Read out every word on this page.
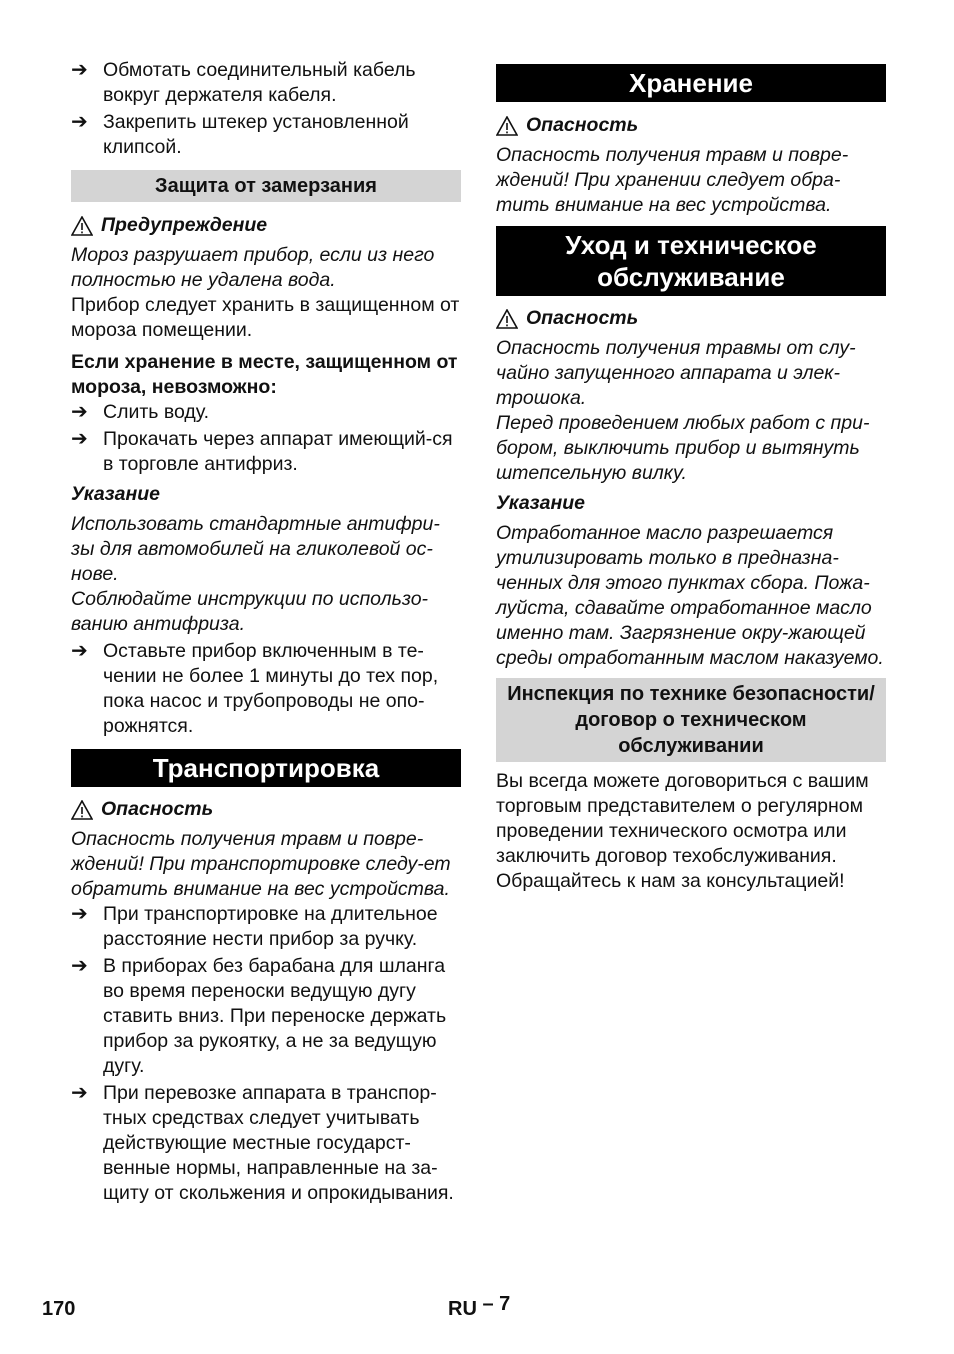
➔ Обмотать соединительный кабель вокруг держателя кабеля.
➔ Закрепить штекер установленной клипсой.
Защита от замерзания
Предупреждение

Мороз разрушает прибор, если из него полностью не удалена вода.

Прибор следует хранить в защищенном от мороза помещении.

Если хранение в месте, защищенном от мороза, невозможно:

➔ Слить воду.
➔ Прокачать через аппарат имеющий-ся в торговле антифриз.

Указание

Использовать стандартные антифри-зы для автомобилей на гликолевой ос-нове.

Соблюдайте инструкции по использо-ванию антифриза.

➔ Оставьте прибор включенным в те-чении не более 1 минуты до тех пор, пока насос и трубопроводы не опо-рожнятся.
Транспортировка
Опасность

Опасность получения травм и повре-ждений! При транспортировке следу-ет обратить внимание на вес устройства.

➔ При транспортировке на длительное расстояние нести прибор за ручку.
➔ В приборах без барабана для шланга во время переноски ведущую дугу ставить вниз. При переноске держать прибор за рукоятку, а не за ведущую дугу.
➔ При перевозке аппарата в транспор-тных средствах следует учитывать действующие местные государст-венные нормы, направленные на за-щиту от скольжения и опрокидывания.
Хранение
Опасность

Опасность получения травм и повре-ждений! При хранении следует обра-тить внимание на вес устройства.

Уход и техническое обслуживание
Опасность

Опасность получения травмы от слу-чайно запущенного аппарата и элек-трошока.

Перед проведением любых работ с при-бором, выключить прибор и вытянуть штепсельную вилку.

Указание

Отработанное масло разрешается утилизировать только в предназна-ченных для этого пунктах сбора. Пожа-луйста, сдавайте отработанное масло именно там. Загрязнение окру-жающей среды отработанным маслом наказуемо.

Инспекция по технике безопасности/договор о техническом обслуживании

Вы всегда можете договориться с вашим торговым представителем о регулярном проведении технического осмотра или заключить договор техобслуживания. Обращайтесь к нам за консультацией!

170	RU – 7
